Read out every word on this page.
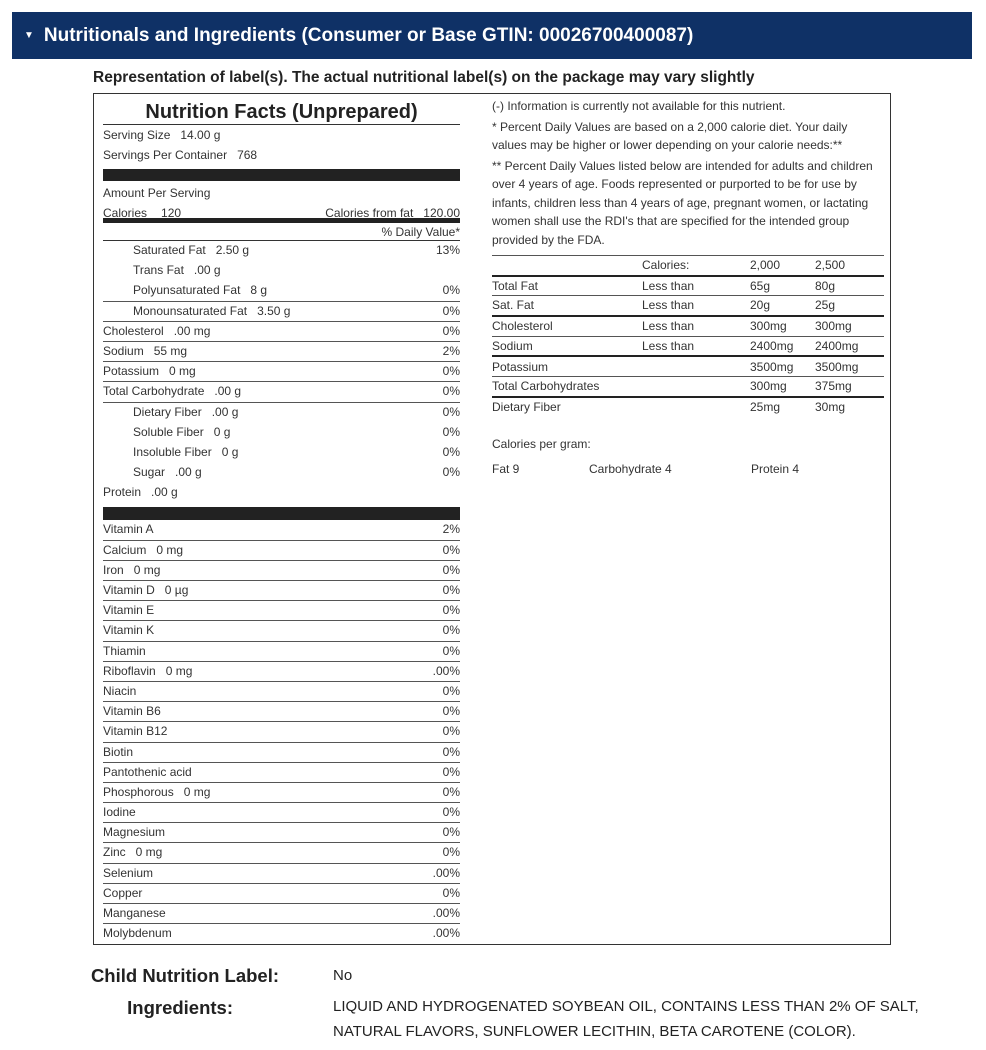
▼ Nutritionals and Ingredients (Consumer or Base GTIN: 00026700400087)
Representation of label(s). The actual nutritional label(s) on the package may vary slightly
Nutrition Facts (Unprepared)
Serving Size 14.00 g
Servings Per Container 768
Amount Per Serving
Calories 120	Calories from fat 120.00
% Daily Value*
Saturated Fat 2.50 g	13%
Trans Fat .00 g
Polyunsaturated Fat 8 g	0%
Monounsaturated Fat 3.50 g	0%
Cholesterol .00 mg	0%
Sodium 55 mg	2%
Potassium 0 mg	0%
Total Carbohydrate .00 g	0%
Dietary Fiber .00 g	0%
Soluble Fiber 0 g	0%
Insoluble Fiber 0 g	0%
Sugar .00 g	0%
Protein .00 g
Vitamin A	2%
Calcium 0 mg	0%
Iron 0 mg	0%
Vitamin D 0 µg	0%
Vitamin E	0%
Vitamin K	0%
Thiamin	0%
Riboflavin 0 mg	.00%
Niacin	0%
Vitamin B6	0%
Vitamin B12	0%
Biotin	0%
Pantothenic acid	0%
Phosphorous 0 mg	0%
Iodine	0%
Magnesium	0%
Zinc 0 mg	0%
Selenium	.00%
Copper	0%
Manganese	.00%
Molybdenum	.00%

(-) Information is currently not available for this nutrient.

* Percent Daily Values are based on a 2,000 calorie diet. Your daily values may be higher or lower depending on your calorie needs:**

** Percent Daily Values listed below are intended for adults and children over 4 years of age. Foods represented or purported to be for use by infants, children less than 4 years of age, pregnant women, or lactating women shall use the RDI's that are specified for the intended group provided by the FDA.

	Calories:	2,000	2,500
Total Fat	Less than	65g	80g
Sat. Fat	Less than	20g	25g
Cholesterol	Less than	300mg	300mg
Sodium	Less than	2400mg	2400mg
Potassium		3500mg	3500mg
Total Carbohydrates		300mg	375mg
Dietary Fiber		25mg	30mg
Calories per gram:
Fat 9	Carbohydrate 4	Protein 4
Child Nutrition Label:	No
Ingredients:	LIQUID AND HYDROGENATED SOYBEAN OIL, CONTAINS LESS THAN 2% OF SALT, NATURAL FLAVORS, SUNFLOWER LECITHIN, BETA CAROTENE (COLOR).
